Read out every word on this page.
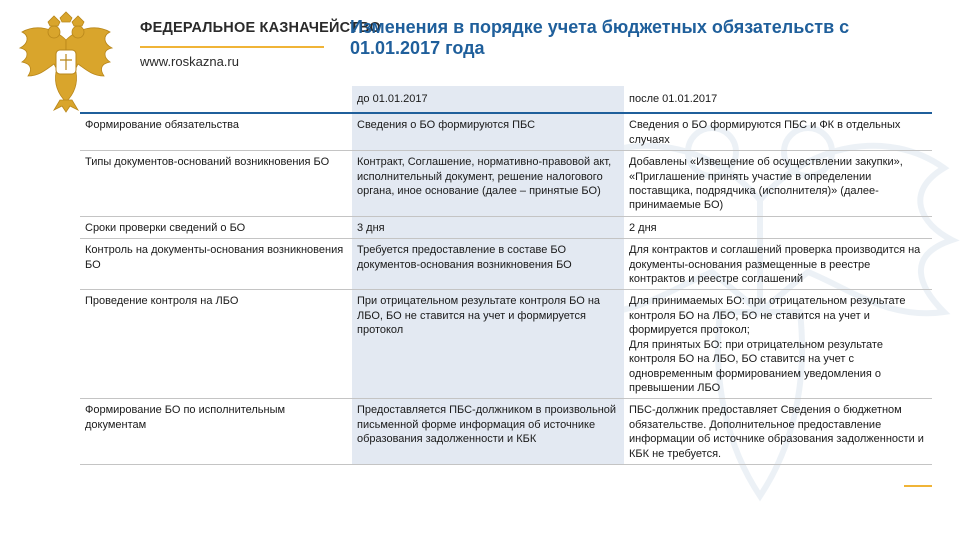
ФЕДЕРАЛЬНОЕ КАЗНАЧЕЙСТВО
www.roskazna.ru
Изменения в порядке учета бюджетных обязательств с 01.01.2017 года
	до 01.01.2017	после 01.01.2017

Формирование обязательства	Сведения о БО формируются ПБС	Сведения о БО формируются ПБС и ФК в отдельных случаях

Типы документов-оснований возникновения БО	Контракт, Соглашение, нормативно-правовой акт, исполнительный документ, решение налогового органа, иное основание (далее – принятые БО)	Добавлены «Извещение об осуществлении закупки», «Приглашение принять участие в определении поставщика, подрядчика (исполнителя)» (далее- принимаемые БО)

Сроки проверки сведений о БО	3 дня	2 дня

Контроль на документы-основания возникновения БО	Требуется предоставление в составе БО документов-основания возникновения БО	Для контрактов и соглашений проверка производится на документы-основания размещенные в реестре контрактов и реестре соглашений

Проведение контроля на ЛБО	При отрицательном результате контроля БО на ЛБО, БО не ставится на учет и формируется протокол	Для принимаемых БО: при отрицательном результате контроля БО на ЛБО, БО не ставится на учет и формируется протокол;
Для принятых БО: при отрицательном результате контроля БО на ЛБО, БО ставится на учет с одновременным формированием уведомления о превышении ЛБО

Формирование БО по исполнительным документам	Предоставляется ПБС-должником в произвольной письменной форме информация об источнике образования задолженности и КБК	ПБС-должник предоставляет Сведения о бюджетном обязательстве. Дополнительное предоставление информации об источнике образования задолженности и КБК не требуется.
